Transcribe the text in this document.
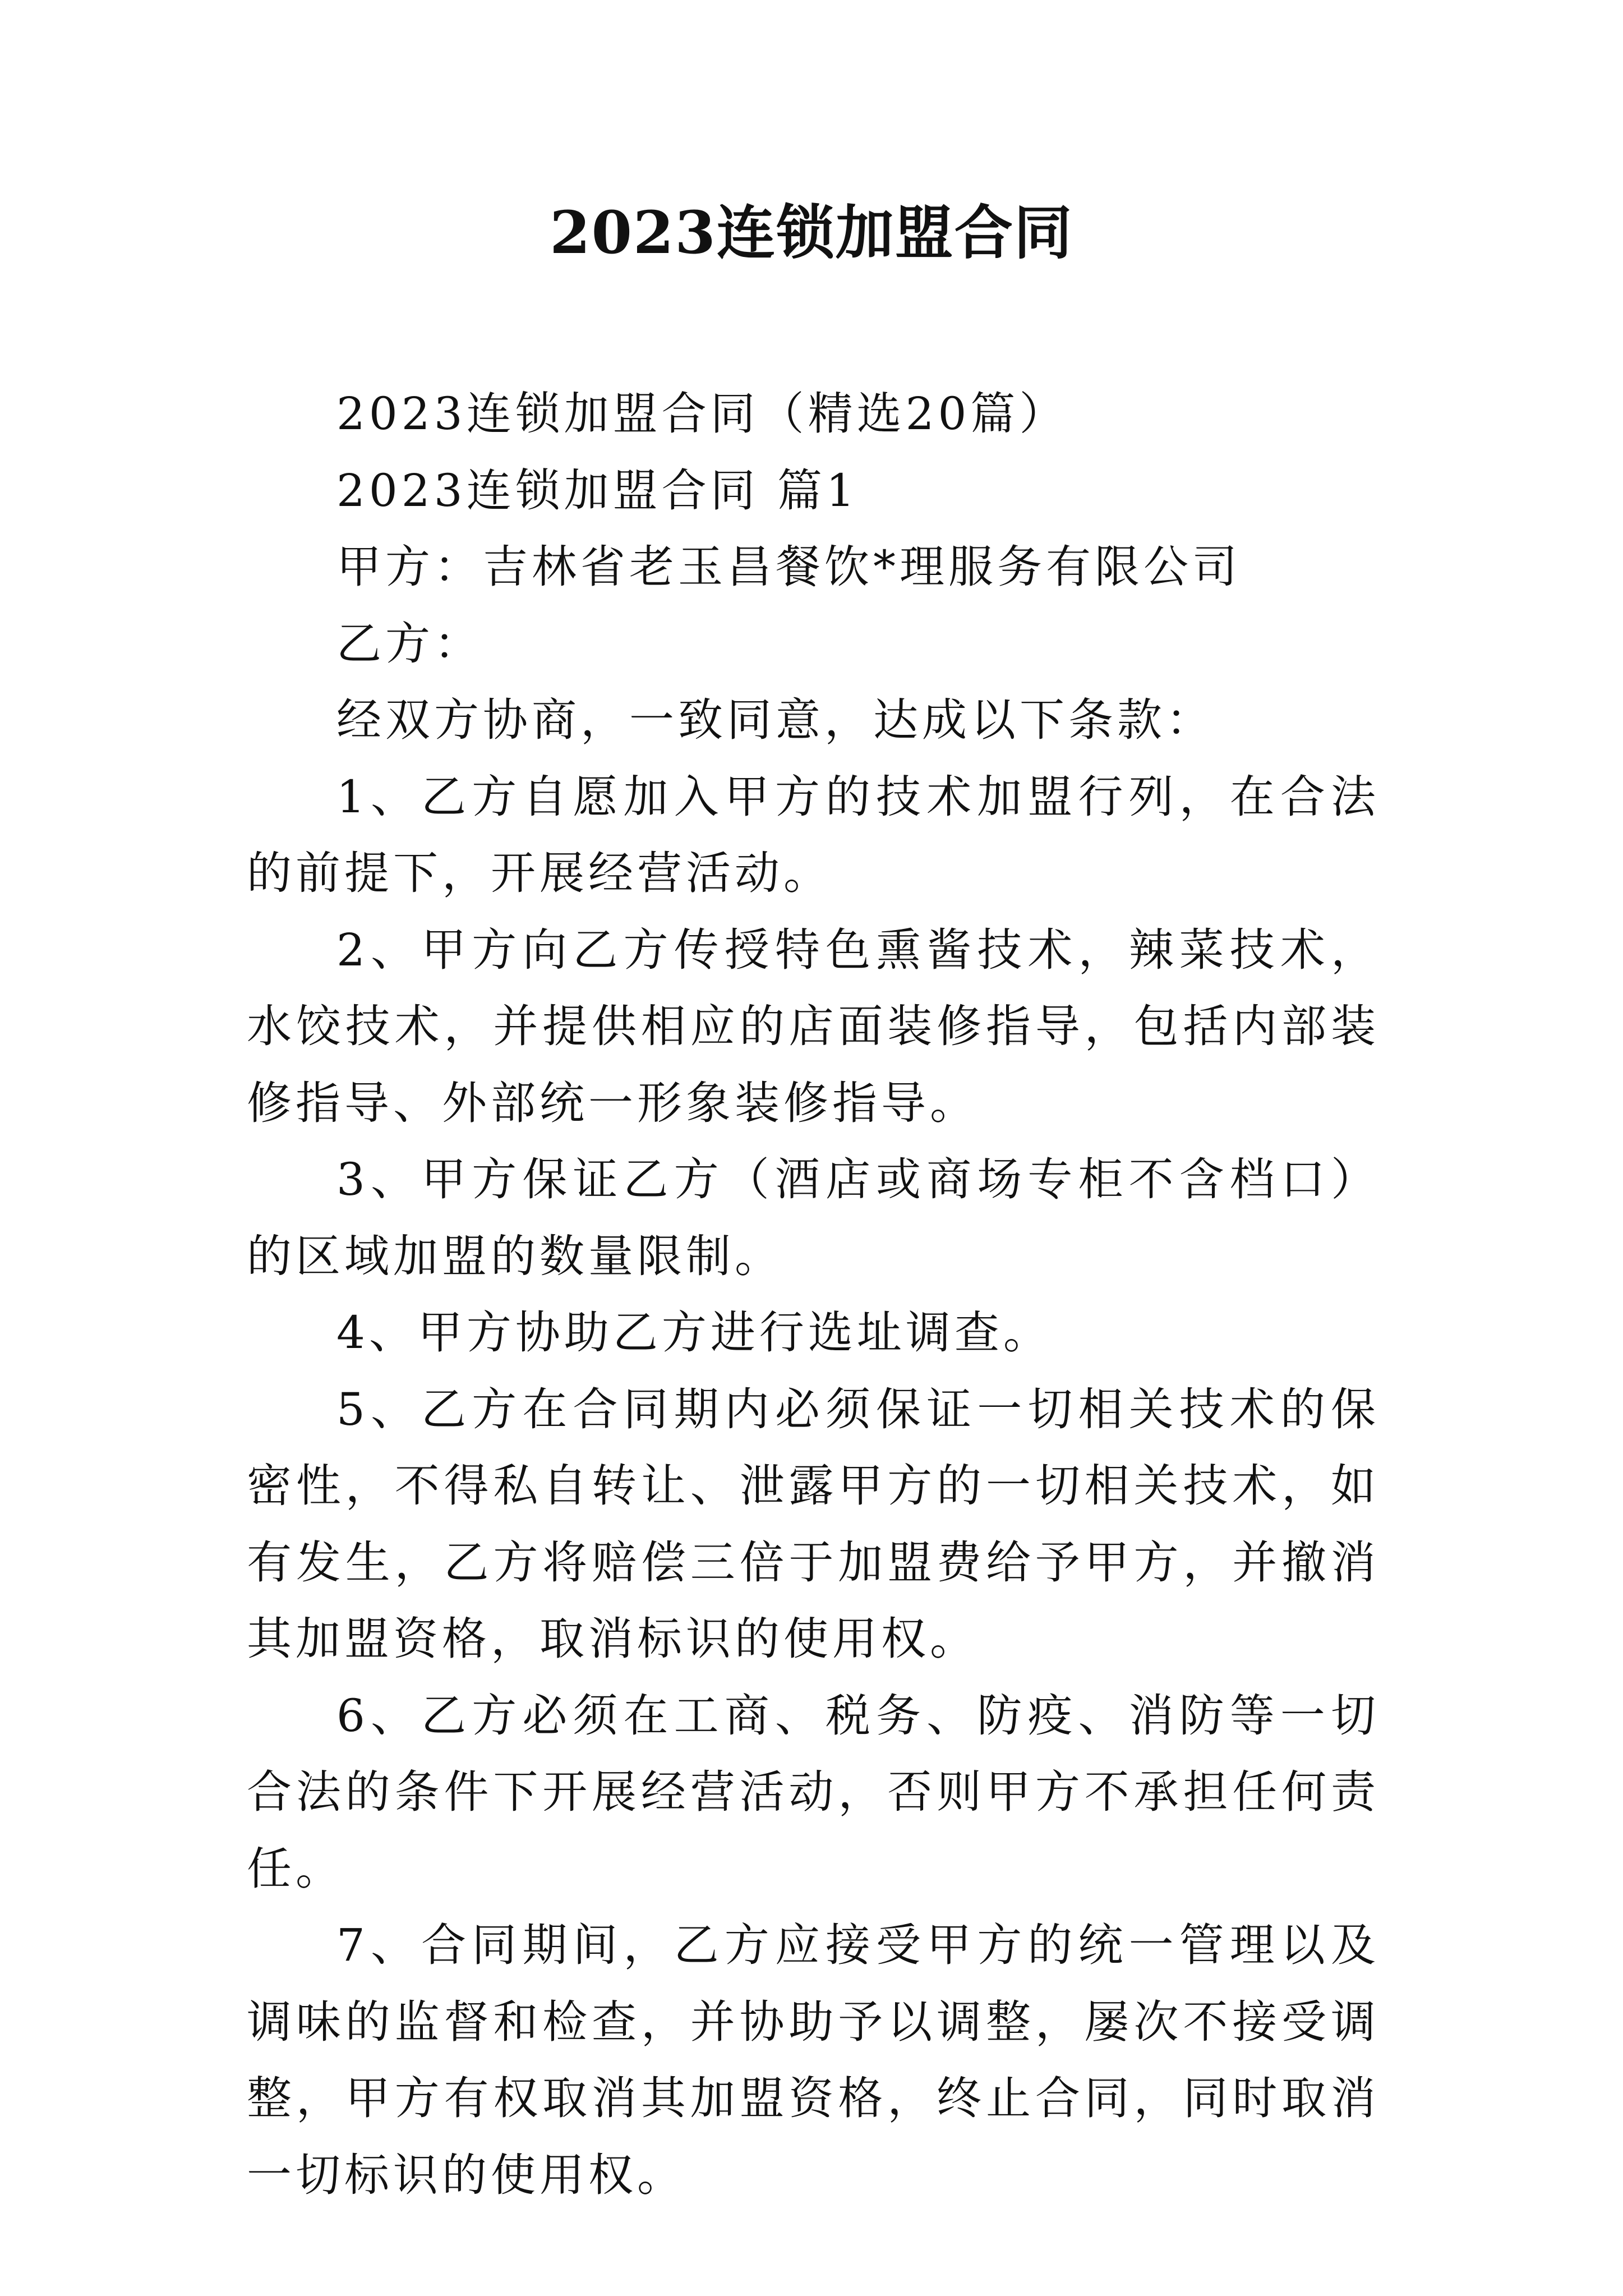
2023连锁加盟合同

2023连锁加盟合同（精选20篇）

2023连锁加盟合同 篇1

甲方：吉林省老玉昌餐饮*理服务有限公司

乙方：

经双方协商，一致同意，达成以下条款：

1、乙方自愿加入甲方的技术加盟行列，在合法的前提下，开展经营活动。

2、甲方向乙方传授特色熏酱技术，辣菜技术，水饺技术，并提供相应的店面装修指导，包括内部装修指导、外部统一形象装修指导。

3、甲方保证乙方（酒店或商场专柜不含档口）的区域加盟的数量限制。

4、甲方协助乙方进行选址调查。

5、乙方在合同期内必须保证一切相关技术的保密性，不得私自转让、泄露甲方的一切相关技术，如有发生，乙方将赔偿三倍于加盟费给予甲方，并撤消其加盟资格，取消标识的使用权。

6、乙方必须在工商、税务、防疫、消防等一切合法的条件下开展经营活动，否则甲方不承担任何责任。

7、合同期间，乙方应接受甲方的统一管理以及调味的监督和检查，并协助予以调整，屡次不接受调整，甲方有权取消其加盟资格，终止合同，同时取消一切标识的使用权。
